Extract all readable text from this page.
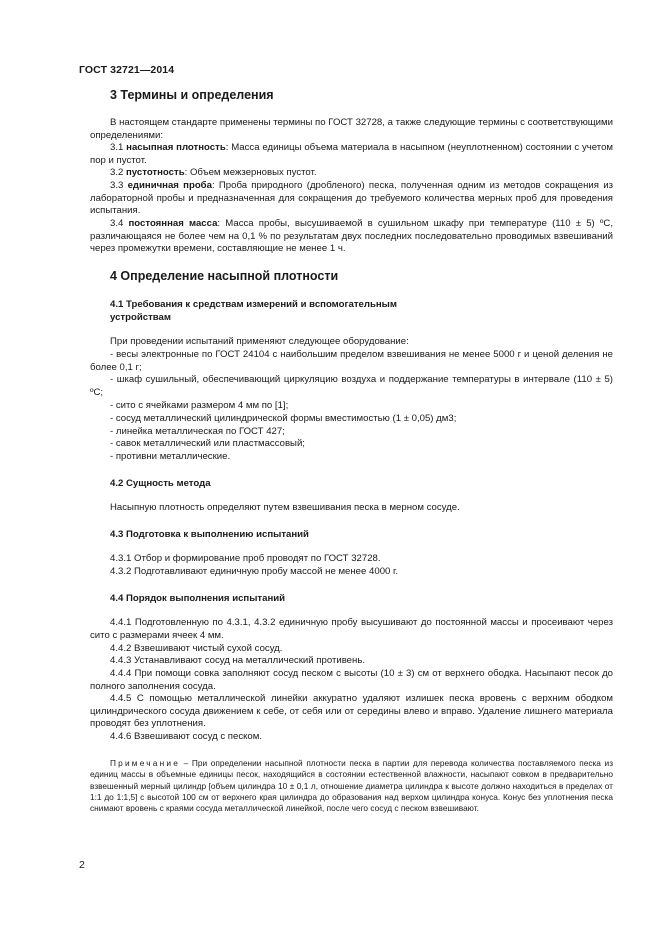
ГОСТ 32721—2014
3 Термины и определения
В настоящем стандарте применены термины по ГОСТ 32728, а также следующие термины с соответствующими определениями:
3.1 насыпная плотность: Масса единицы объема материала в насыпном (неуплотненном) состоянии с учетом пор и пустот.
3.2 пустотность: Объем межзерновых пустот.
3.3 единичная проба: Проба природного (дробленого) песка, полученная одним из методов сокращения из лабораторной пробы и предназначенная для сокращения до требуемого количества мерных проб для проведения испытания.
3.4 постоянная масса: Масса пробы, высушиваемой в сушильном шкафу при температуре (110 ± 5) ºС, различающаяся не более чем на 0,1 % по результатам двух последних последовательно проводимых взвешиваний через промежутки времени, составляющие не менее 1 ч.
4 Определение насыпной плотности
4.1 Требования к средствам измерений и вспомогательным
устройствам
При проведении испытаний применяют следующее оборудование:
- весы электронные по ГОСТ 24104 с наибольшим пределом взвешивания не менее 5000 г и ценой деления не более 0,1 г;
- шкаф сушильный, обеспечивающий циркуляцию воздуха и поддержание температуры в интервале (110 ± 5) ºС;
- сито с ячейками размером 4 мм по [1];
- сосуд металлический цилиндрической формы вместимостью (1 ± 0,05) дм3;
- линейка металлическая по ГОСТ 427;
- савок металлический или пластмассовый;
- противни металлические.
4.2 Сущность метода
Насыпную плотность определяют путем взвешивания песка в мерном сосуде.
4.3 Подготовка к выполнению испытаний
4.3.1 Отбор и формирование проб проводят по ГОСТ 32728.
4.3.2 Подготавливают единичную пробу массой не менее 4000 г.
4.4 Порядок выполнения испытаний
4.4.1 Подготовленную по 4.3.1, 4.3.2 единичную пробу высушивают до постоянной массы и просеивают через сито с размерами ячеек 4 мм.
4.4.2 Взвешивают чистый сухой сосуд.
4.4.3 Устанавливают сосуд на металлический противень.
4.4.4 При помощи совка заполняют сосуд песком с высоты (10 ± 3) см от верхнего ободка. Насыпают песок до полного заполнения сосуда.
4.4.5 С помощью металлической линейки аккуратно удаляют излишек песка вровень с верхним ободком цилиндрического сосуда движением к себе, от себя или от середины влево и вправо. Удаление лишнего материала проводят без уплотнения.
4.4.6 Взвешивают сосуд с песком.
Примечание – При определении насыпной плотности песка в партии для перевода количества поставляемого песка из единиц массы в объемные единицы песок, находящийся в состоянии естественной влажности, насыпают совком в предварительно взвешенный мерный цилиндр [объем цилиндра 10 ± 0,1 л, отношение диаметра цилиндра к высоте должно находиться в пределах от 1:1 до 1:1,5] с высотой 100 см от верхнего края цилиндра до образования над верхом цилиндра конуса. Конус без уплотнения песка снимают вровень с краями сосуда металлической линейкой, после чего сосуд с песком взвешивают.
2
